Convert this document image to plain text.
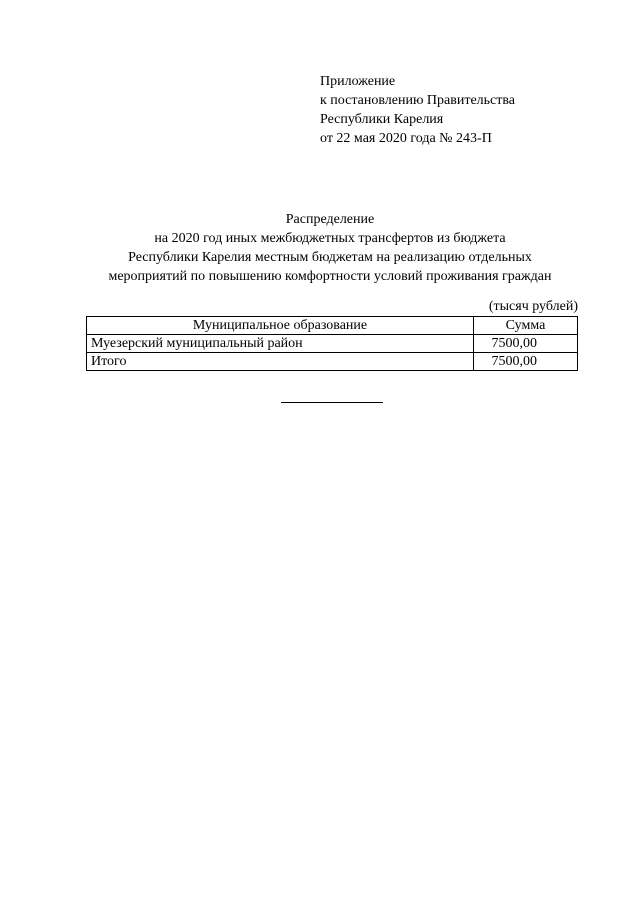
Приложение
к постановлению Правительства
Республики Карелия
от 22 мая 2020 года № 243-П
Распределение
на 2020 год иных межбюджетных трансфертов из бюджета
Республики Карелия местным бюджетам на реализацию отдельных
мероприятий по повышению комфортности условий проживания граждан
(тысяч рублей)
Муниципальное образование	Сумма
Муезерский муниципальный район	7500,00
Итого	7500,00
